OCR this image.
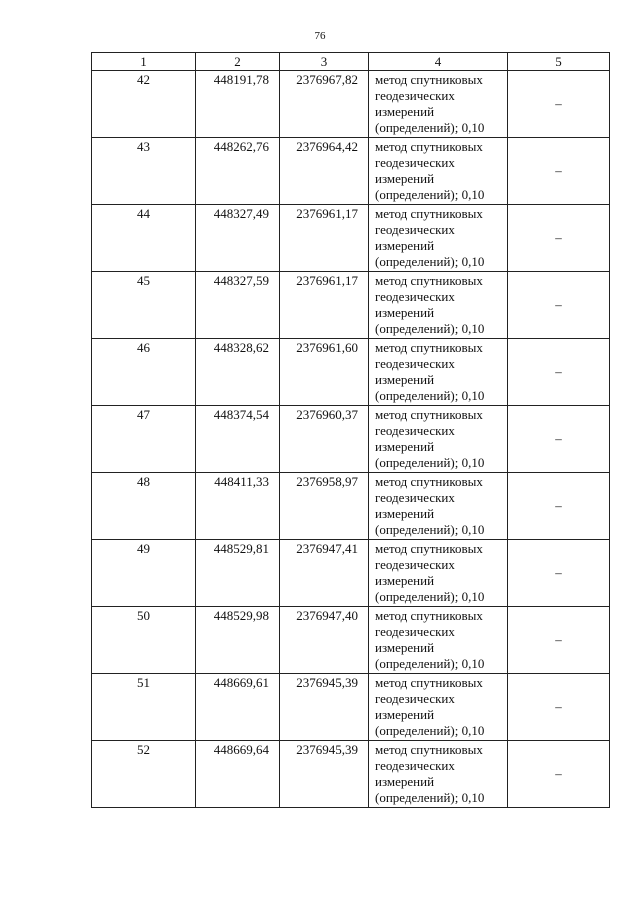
76
1	2	3	4	5

42	448191,78	2376967,82	метод спутниковых геодезических измерений (определений); 0,10	–

43	448262,76	2376964,42	метод спутниковых геодезических измерений (определений); 0,10	–

44	448327,49	2376961,17	метод спутниковых геодезических измерений (определений); 0,10	–

45	448327,59	2376961,17	метод спутниковых геодезических измерений (определений); 0,10	–

46	448328,62	2376961,60	метод спутниковых геодезических измерений (определений); 0,10	–

47	448374,54	2376960,37	метод спутниковых геодезических измерений (определений); 0,10	–

48	448411,33	2376958,97	метод спутниковых геодезических измерений (определений); 0,10	–

49	448529,81	2376947,41	метод спутниковых геодезических измерений (определений); 0,10	–

50	448529,98	2376947,40	метод спутниковых геодезических измерений (определений); 0,10	–

51	448669,61	2376945,39	метод спутниковых геодезических измерений (определений); 0,10	–

52	448669,64	2376945,39	метод спутниковых геодезических измерений (определений); 0,10	–
